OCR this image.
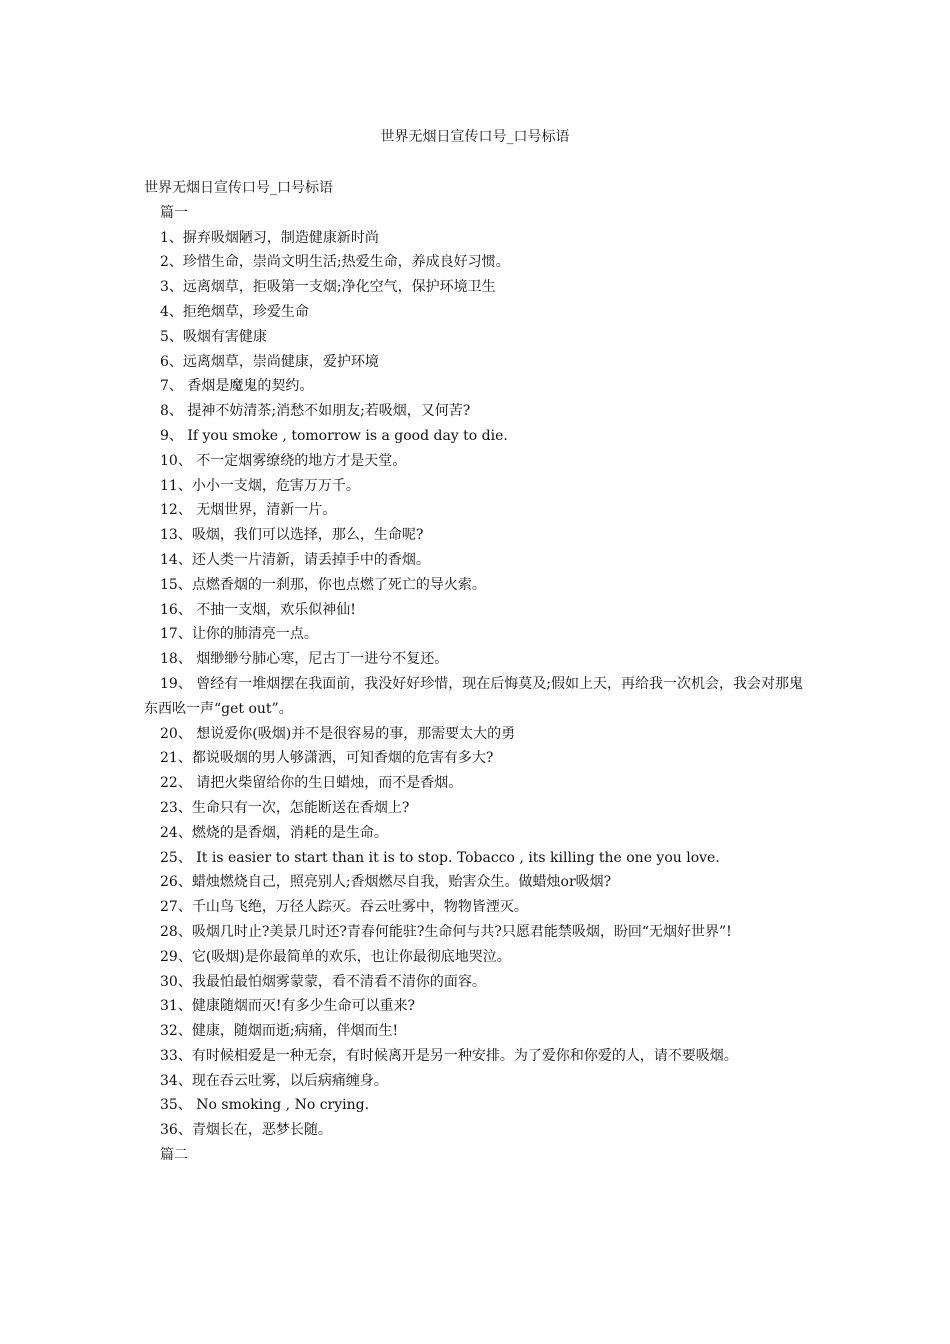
世界无烟日宣传口号_口号标语

世界无烟日宣传口号_口号标语

篇一

1、摒弃吸烟陋习，制造健康新时尚

2、珍惜生命，崇尚文明生活;热爱生命，养成良好习惯。

3、远离烟草，拒吸第一支烟;净化空气，保护环境卫生

4、拒绝烟草，珍爱生命

5、吸烟有害健康

6、远离烟草，崇尚健康，爱护环境

7、 香烟是魔鬼的契约。

8、 提神不妨清茶;消愁不如朋友;若吸烟，又何苦?

9、 If you smoke , tomorrow is a good day to die.

10、 不一定烟雾缭绕的地方才是天堂。

11、小小一支烟，危害万万千。

12、 无烟世界，清新一片。

13、吸烟，我们可以选择，那么，生命呢?

14、还人类一片清新，请丢掉手中的香烟。

15、点燃香烟的一刹那，你也点燃了死亡的导火索。

16、 不抽一支烟，欢乐似神仙!

17、让你的肺清亮一点。

18、 烟缈缈兮肺心寒，尼古丁一进兮不复还。

19、 曾经有一堆烟摆在我面前，我没好好珍惜，现在后悔莫及;假如上天，再给我一次机会，我会对那鬼东西吆一声“get out”。

20、 想说爱你(吸烟)并不是很容易的事，那需要太大的勇

21、都说吸烟的男人够潇洒，可知香烟的危害有多大?

22、 请把火柴留给你的生日蜡烛，而不是香烟。

23、生命只有一次，怎能断送在香烟上?

24、燃烧的是香烟，消耗的是生命。

25、 It is easier to start than it is to stop. Tobacco , its killing the one you love.

26、蜡烛燃烧自己，照亮别人;香烟燃尽自我，贻害众生。做蜡烛or吸烟?

27、千山鸟飞绝，万径人踪灭。吞云吐雾中，物物皆湮灭。

28、吸烟几时止?美景几时还?青春何能驻?生命何与共?只愿君能禁吸烟，盼回“无烟好世界”!

29、它(吸烟)是你最简单的欢乐，也让你最彻底地哭泣。

30、我最怕最怕烟雾蒙蒙，看不清看不清你的面容。

31、健康随烟而灭!有多少生命可以重来?

32、健康，随烟而逝;病痛，伴烟而生!

33、有时候相爱是一种无奈，有时候离开是另一种安排。为了爱你和你爱的人，请不要吸烟。

34、现在吞云吐雾，以后病痛缠身。

35、 No smoking , No crying.

36、青烟长在，恶梦长随。

篇二
